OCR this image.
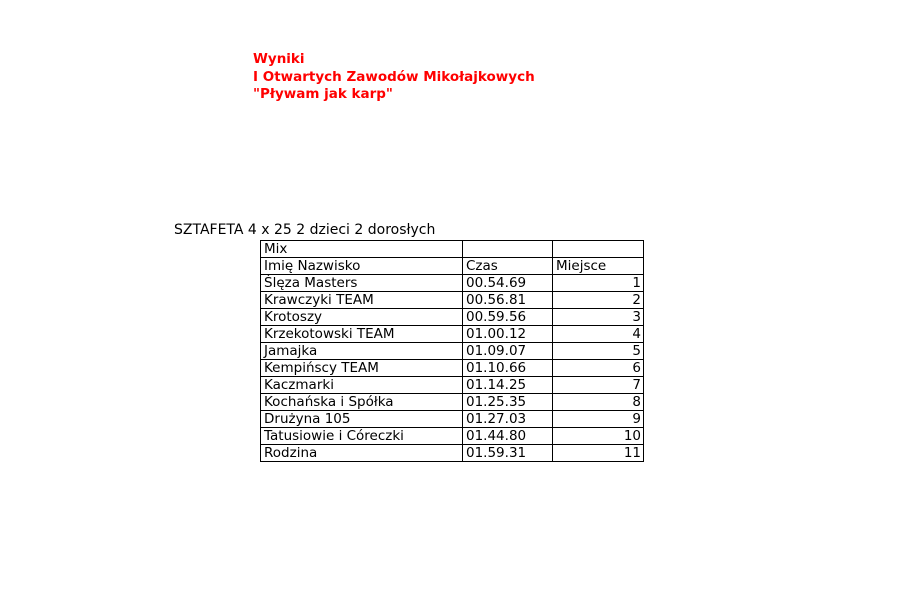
Wyniki
I Otwartych Zawodów Mikołajkowych
"Pływam jak karp"
SZTAFETA 4 x 25 2 dzieci 2 dorosłych
Mix		
Imię Nazwisko	Czas	Miejsce
Ślęza Masters	00.54.69	1
Krawczyki TEAM	00.56.81	2
Krotoszy	00.59.56	3
Krzekotowski TEAM	01.00.12	4
Jamajka	01.09.07	5
Kempińscy TEAM	01.10.66	6
Kaczmarki	01.14.25	7
Kochańska i Spółka	01.25.35	8
Drużyna 105	01.27.03	9
Tatusiowie i Córeczki	01.44.80	10
Rodzina	01.59.31	11
